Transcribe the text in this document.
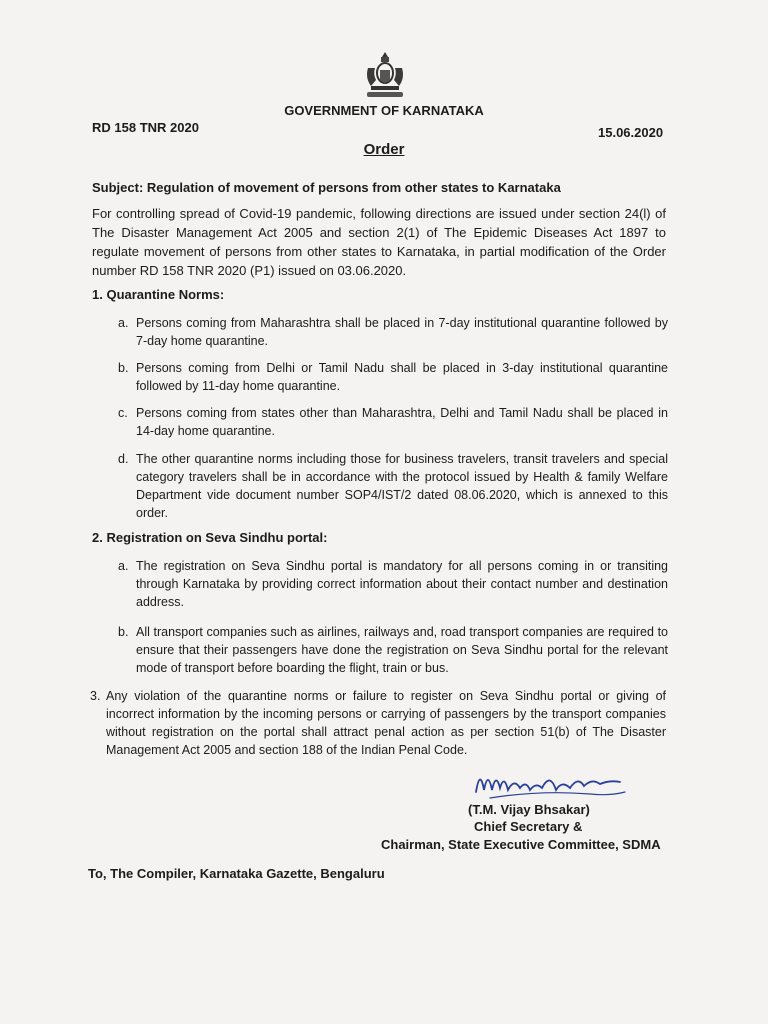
GOVERNMENT OF KARNATAKA
RD 158 TNR 2020	15.06.2020
Order
Subject: Regulation of movement of persons from other states to Karnataka
For controlling spread of Covid-19 pandemic, following directions are issued under section 24(l) of The Disaster Management Act 2005 and section 2(1) of The Epidemic Diseases Act 1897 to regulate movement of persons from other states to Karnataka, in partial modification of the Order number RD 158 TNR 2020 (P1) issued on 03.06.2020.
1. Quarantine Norms:
a. Persons coming from Maharashtra shall be placed in 7-day institutional quarantine followed by 7-day home quarantine.
b. Persons coming from Delhi or Tamil Nadu shall be placed in 3-day institutional quarantine followed by 11-day home quarantine.
c. Persons coming from states other than Maharashtra, Delhi and Tamil Nadu shall be placed in 14-day home quarantine.
d. The other quarantine norms including those for business travelers, transit travelers and special category travelers shall be in accordance with the protocol issued by Health & family Welfare Department vide document number SOP4/IST/2 dated 08.06.2020, which is annexed to this order.
2. Registration on Seva Sindhu portal:
a. The registration on Seva Sindhu portal is mandatory for all persons coming in or transiting through Karnataka by providing correct information about their contact number and destination address.
b. All transport companies such as airlines, railways and, road transport companies are required to ensure that their passengers have done the registration on Seva Sindhu portal for the relevant mode of transport before boarding the flight, train or bus.
3. Any violation of the quarantine norms or failure to register on Seva Sindhu portal or giving of incorrect information by the incoming persons or carrying of passengers by the transport companies without registration on the portal shall attract penal action as per section 51(b) of The Disaster Management Act 2005 and section 188 of the Indian Penal Code.
(T.M. Vijay Bhsakar)
Chief Secretary &
Chairman, State Executive Committee, SDMA
To, The Compiler, Karnataka Gazette, Bengaluru
